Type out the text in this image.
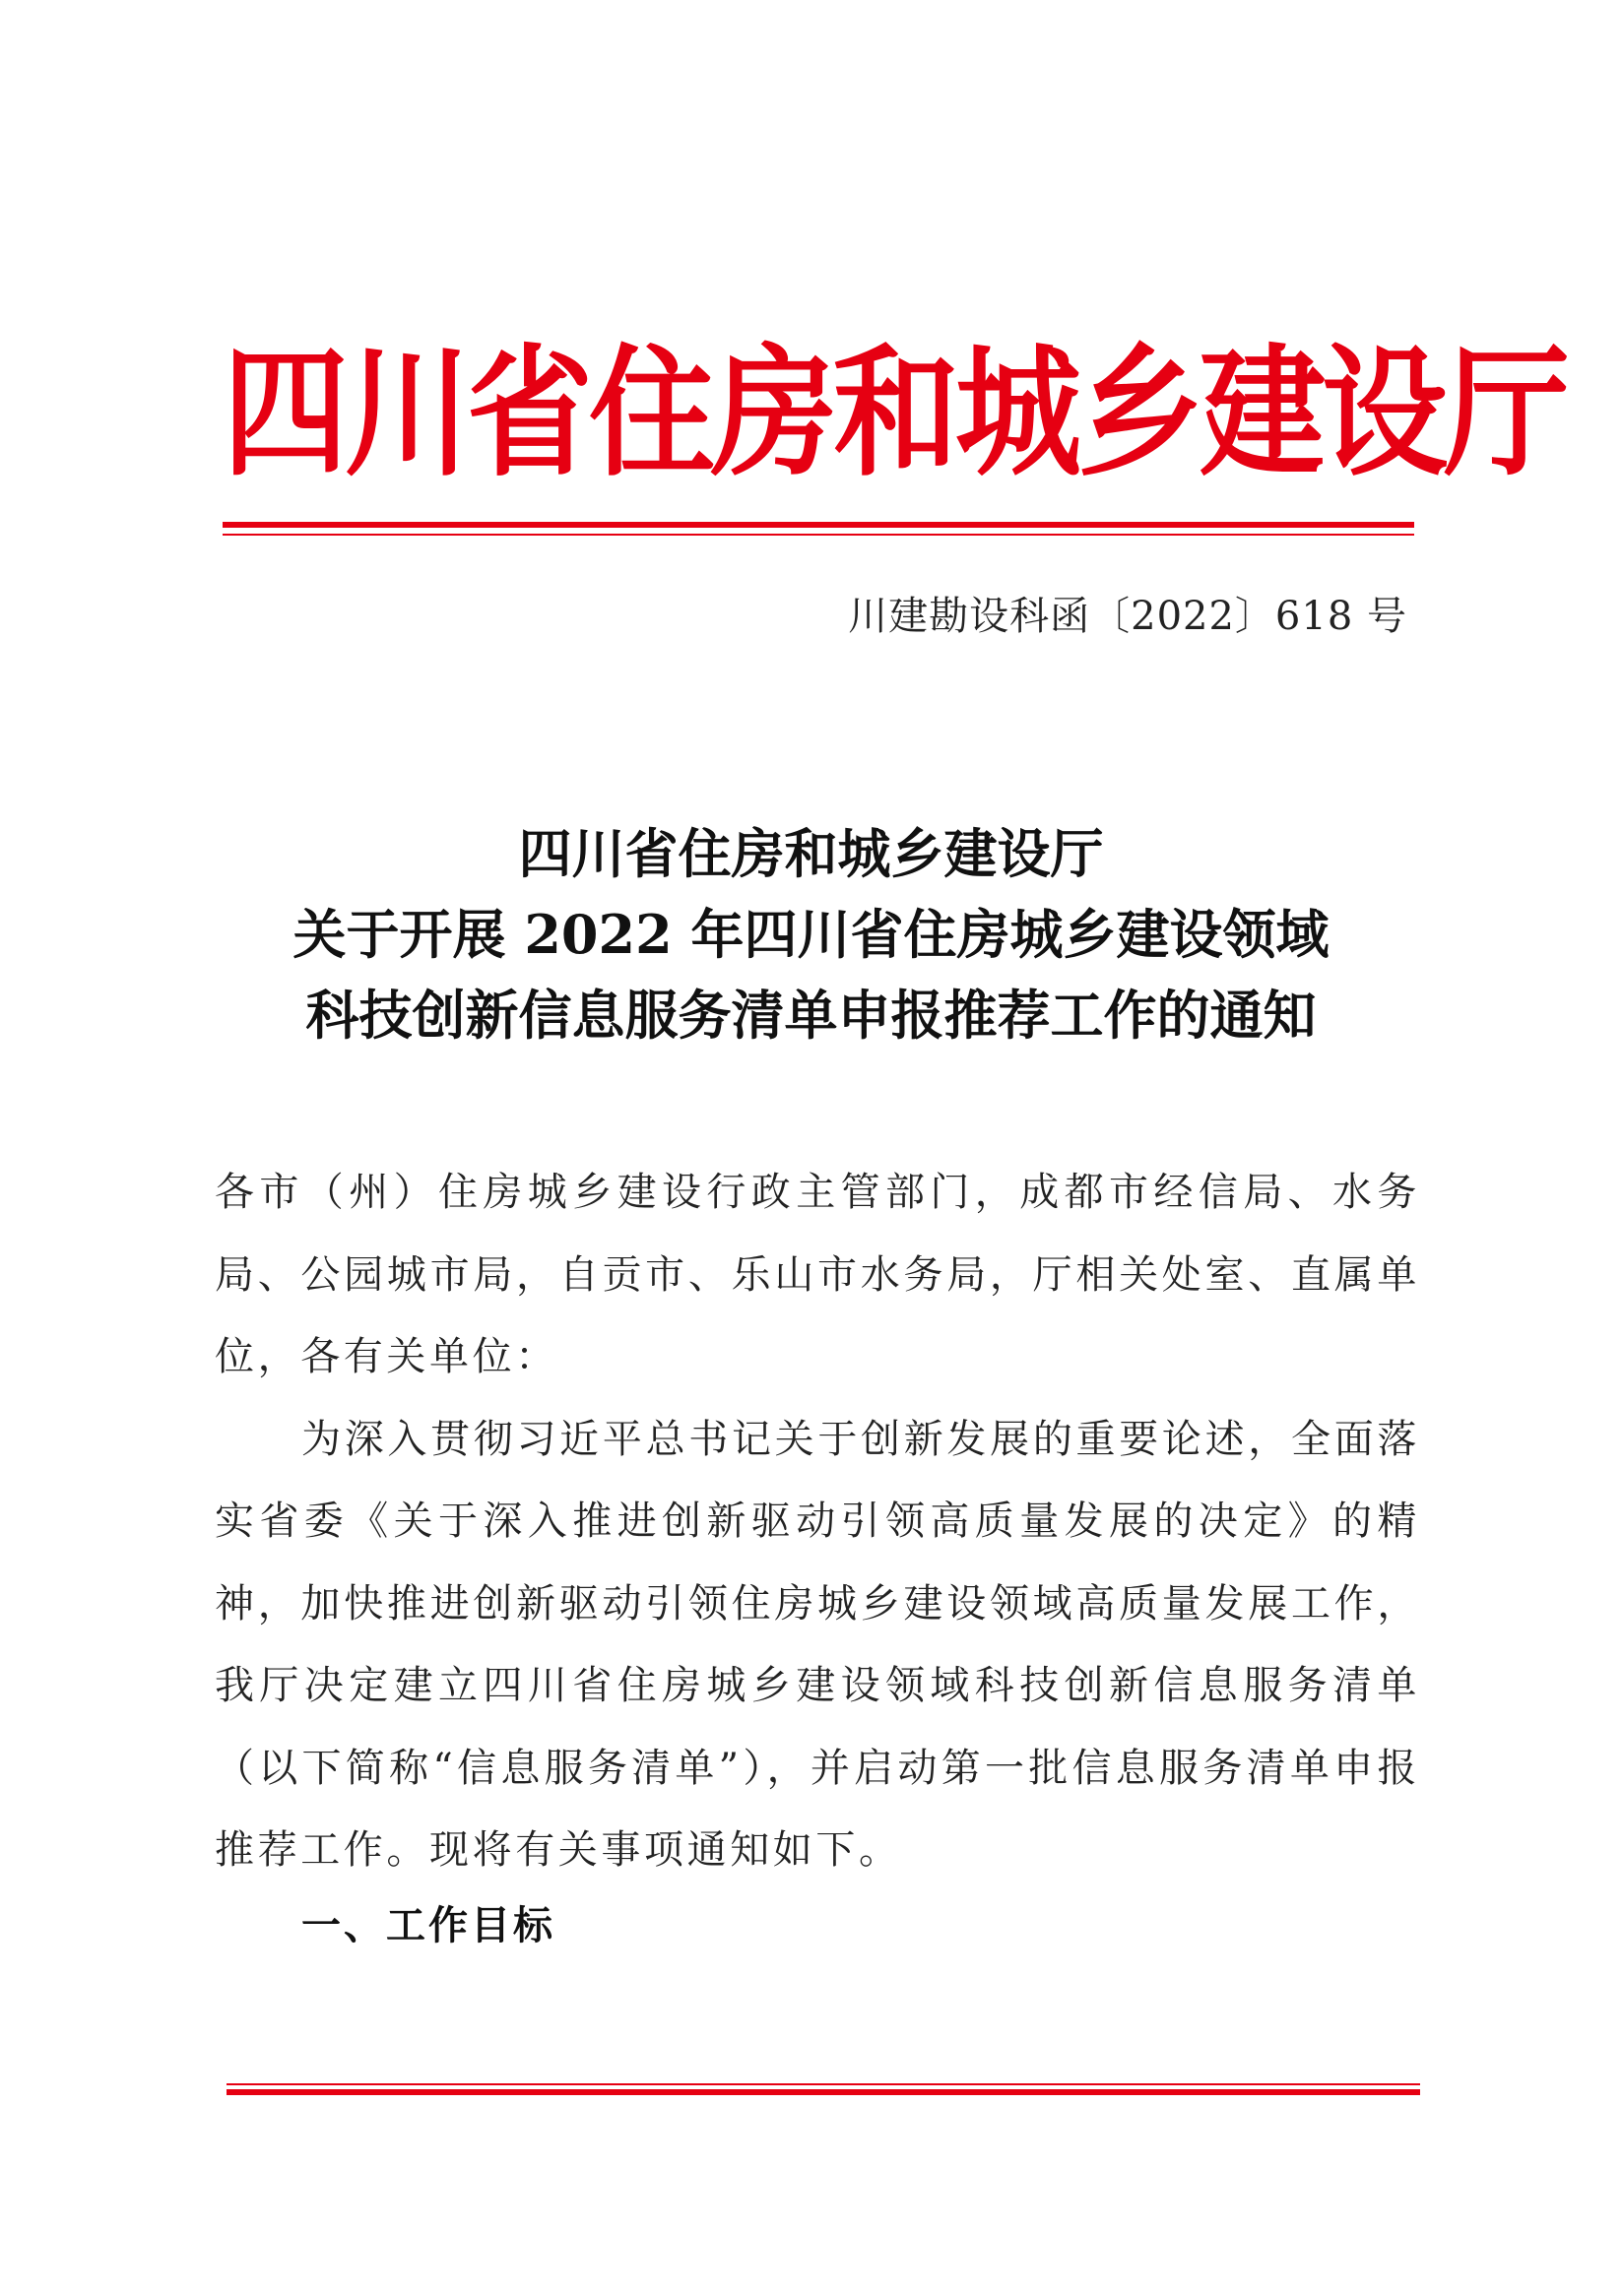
四川省住房和城乡建设厅
川建勘设科函〔2022〕618 号
四川省住房和城乡建设厅
关于开展 2022 年四川省住房城乡建设领域
科技创新信息服务清单申报推荐工作的通知

各市（州）住房城乡建设行政主管部门，成都市经信局、水务局、公园城市局，自贡市、乐山市水务局，厅相关处室、直属单位，各有关单位：

为深入贯彻习近平总书记关于创新发展的重要论述，全面落实省委《关于深入推进创新驱动引领高质量发展的决定》的精神，加快推进创新驱动引领住房城乡建设领域高质量发展工作，我厅决定建立四川省住房城乡建设领域科技创新信息服务清单（以下简称“信息服务清单”），并启动第一批信息服务清单申报推荐工作。现将有关事项通知如下。

一、工作目标
